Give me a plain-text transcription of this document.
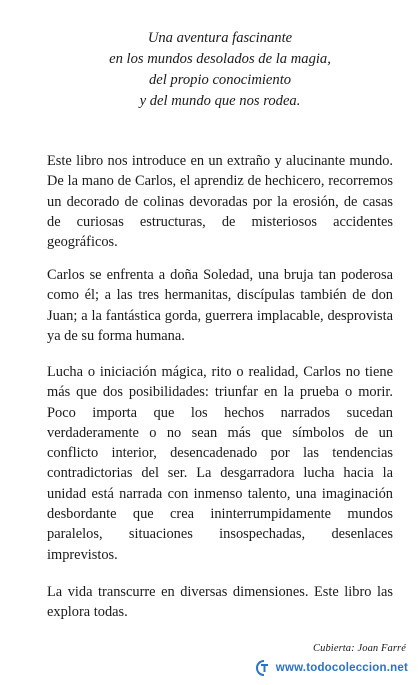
Una aventura fascinante
en los mundos desolados de la magia,
del propio conocimiento
y del mundo que nos rodea.

Este libro nos introduce en un extraño y alucinante mundo. De la mano de Carlos, el aprendiz de hechicero, recorremos un decorado de colinas devoradas por la erosión, de casas de curiosas estructuras, de misteriosos accidentes geográficos.

Carlos se enfrenta a doña Soledad, una bruja tan poderosa como él; a las tres hermanitas, discípulas también de don Juan; a la fantástica gorda, guerrera implacable, desprovista ya de su forma humana.

Lucha o iniciación mágica, rito o realidad, Carlos no tiene más que dos posibilidades: triunfar en la prueba o morir. Poco importa que los hechos narrados sucedan verdaderamente o no sean más que símbolos de un conflicto interior, desencadenado por las tendencias contradictorias del ser. La desgarradora lucha hacia la unidad está narrada con inmenso talento, una imaginación desbordante que crea ininterrumpidamente mundos paralelos, situaciones insospechadas, desenlaces imprevistos.

La vida transcurre en diversas dimensiones. Este libro las explora todas.

Cubierta: Joan Farré
www.todocoleccion.net
